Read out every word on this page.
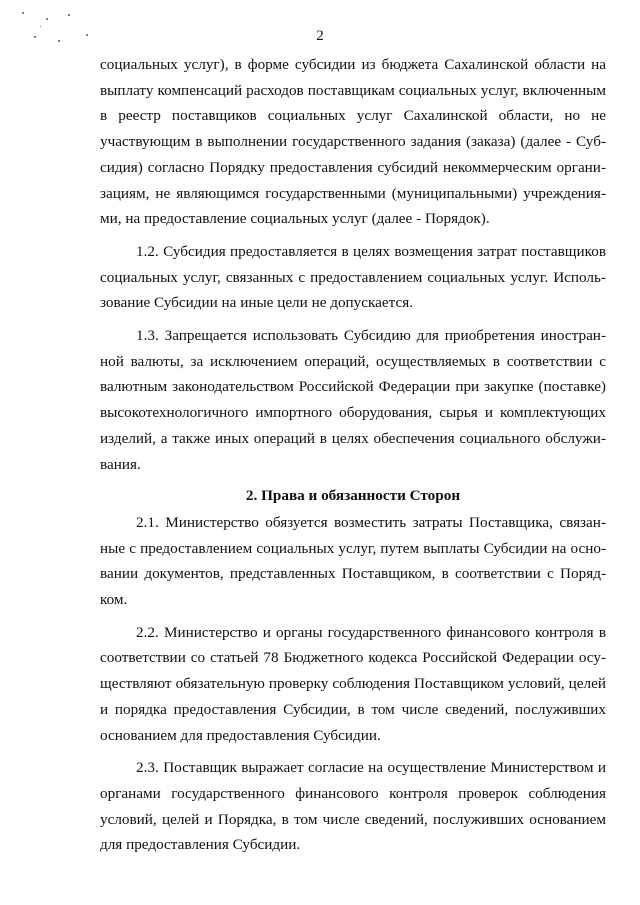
2

социальных услуг), в форме субсидии из бюджета Сахалинской области на выплату компенсаций расходов поставщикам социальных услуг, включенным в реестр поставщиков социальных услуг Сахалинской области, но не участвующим в выполнении государственного задания (заказа) (далее - Субсидия) согласно Порядку предоставления субсидий некоммерческим организациям, не являющимся государственными (муниципальными) учреждениями, на предоставление социальных услуг (далее - Порядок).

1.2. Субсидия предоставляется в целях возмещения затрат поставщиков социальных услуг, связанных с предоставлением социальных услуг. Использование Субсидии на иные цели не допускается.

1.3. Запрещается использовать Субсидию для приобретения иностранной валюты, за исключением операций, осуществляемых в соответствии с валютным законодательством Российской Федерации при закупке (поставке) высокотехнологичного импортного оборудования, сырья и комплектующих изделий, а также иных операций в целях обеспечения социального обслуживания.

2. Права и обязанности Сторон

2.1. Министерство обязуется возместить затраты Поставщика, связанные с предоставлением социальных услуг, путем выплаты Субсидии на основании документов, представленных Поставщиком, в соответствии с Порядком.

2.2. Министерство и органы государственного финансового контроля в соответствии со статьей 78 Бюджетного кодекса Российской Федерации осуществляют обязательную проверку соблюдения Поставщиком условий, целей и порядка предоставления Субсидии, в том числе сведений, послуживших основанием для предоставления Субсидии.

2.3. Поставщик выражает согласие на осуществление Министерством и органами государственного финансового контроля проверок соблюдения условий, целей и Порядка, в том числе сведений, послуживших основанием для предоставления Субсидии.
